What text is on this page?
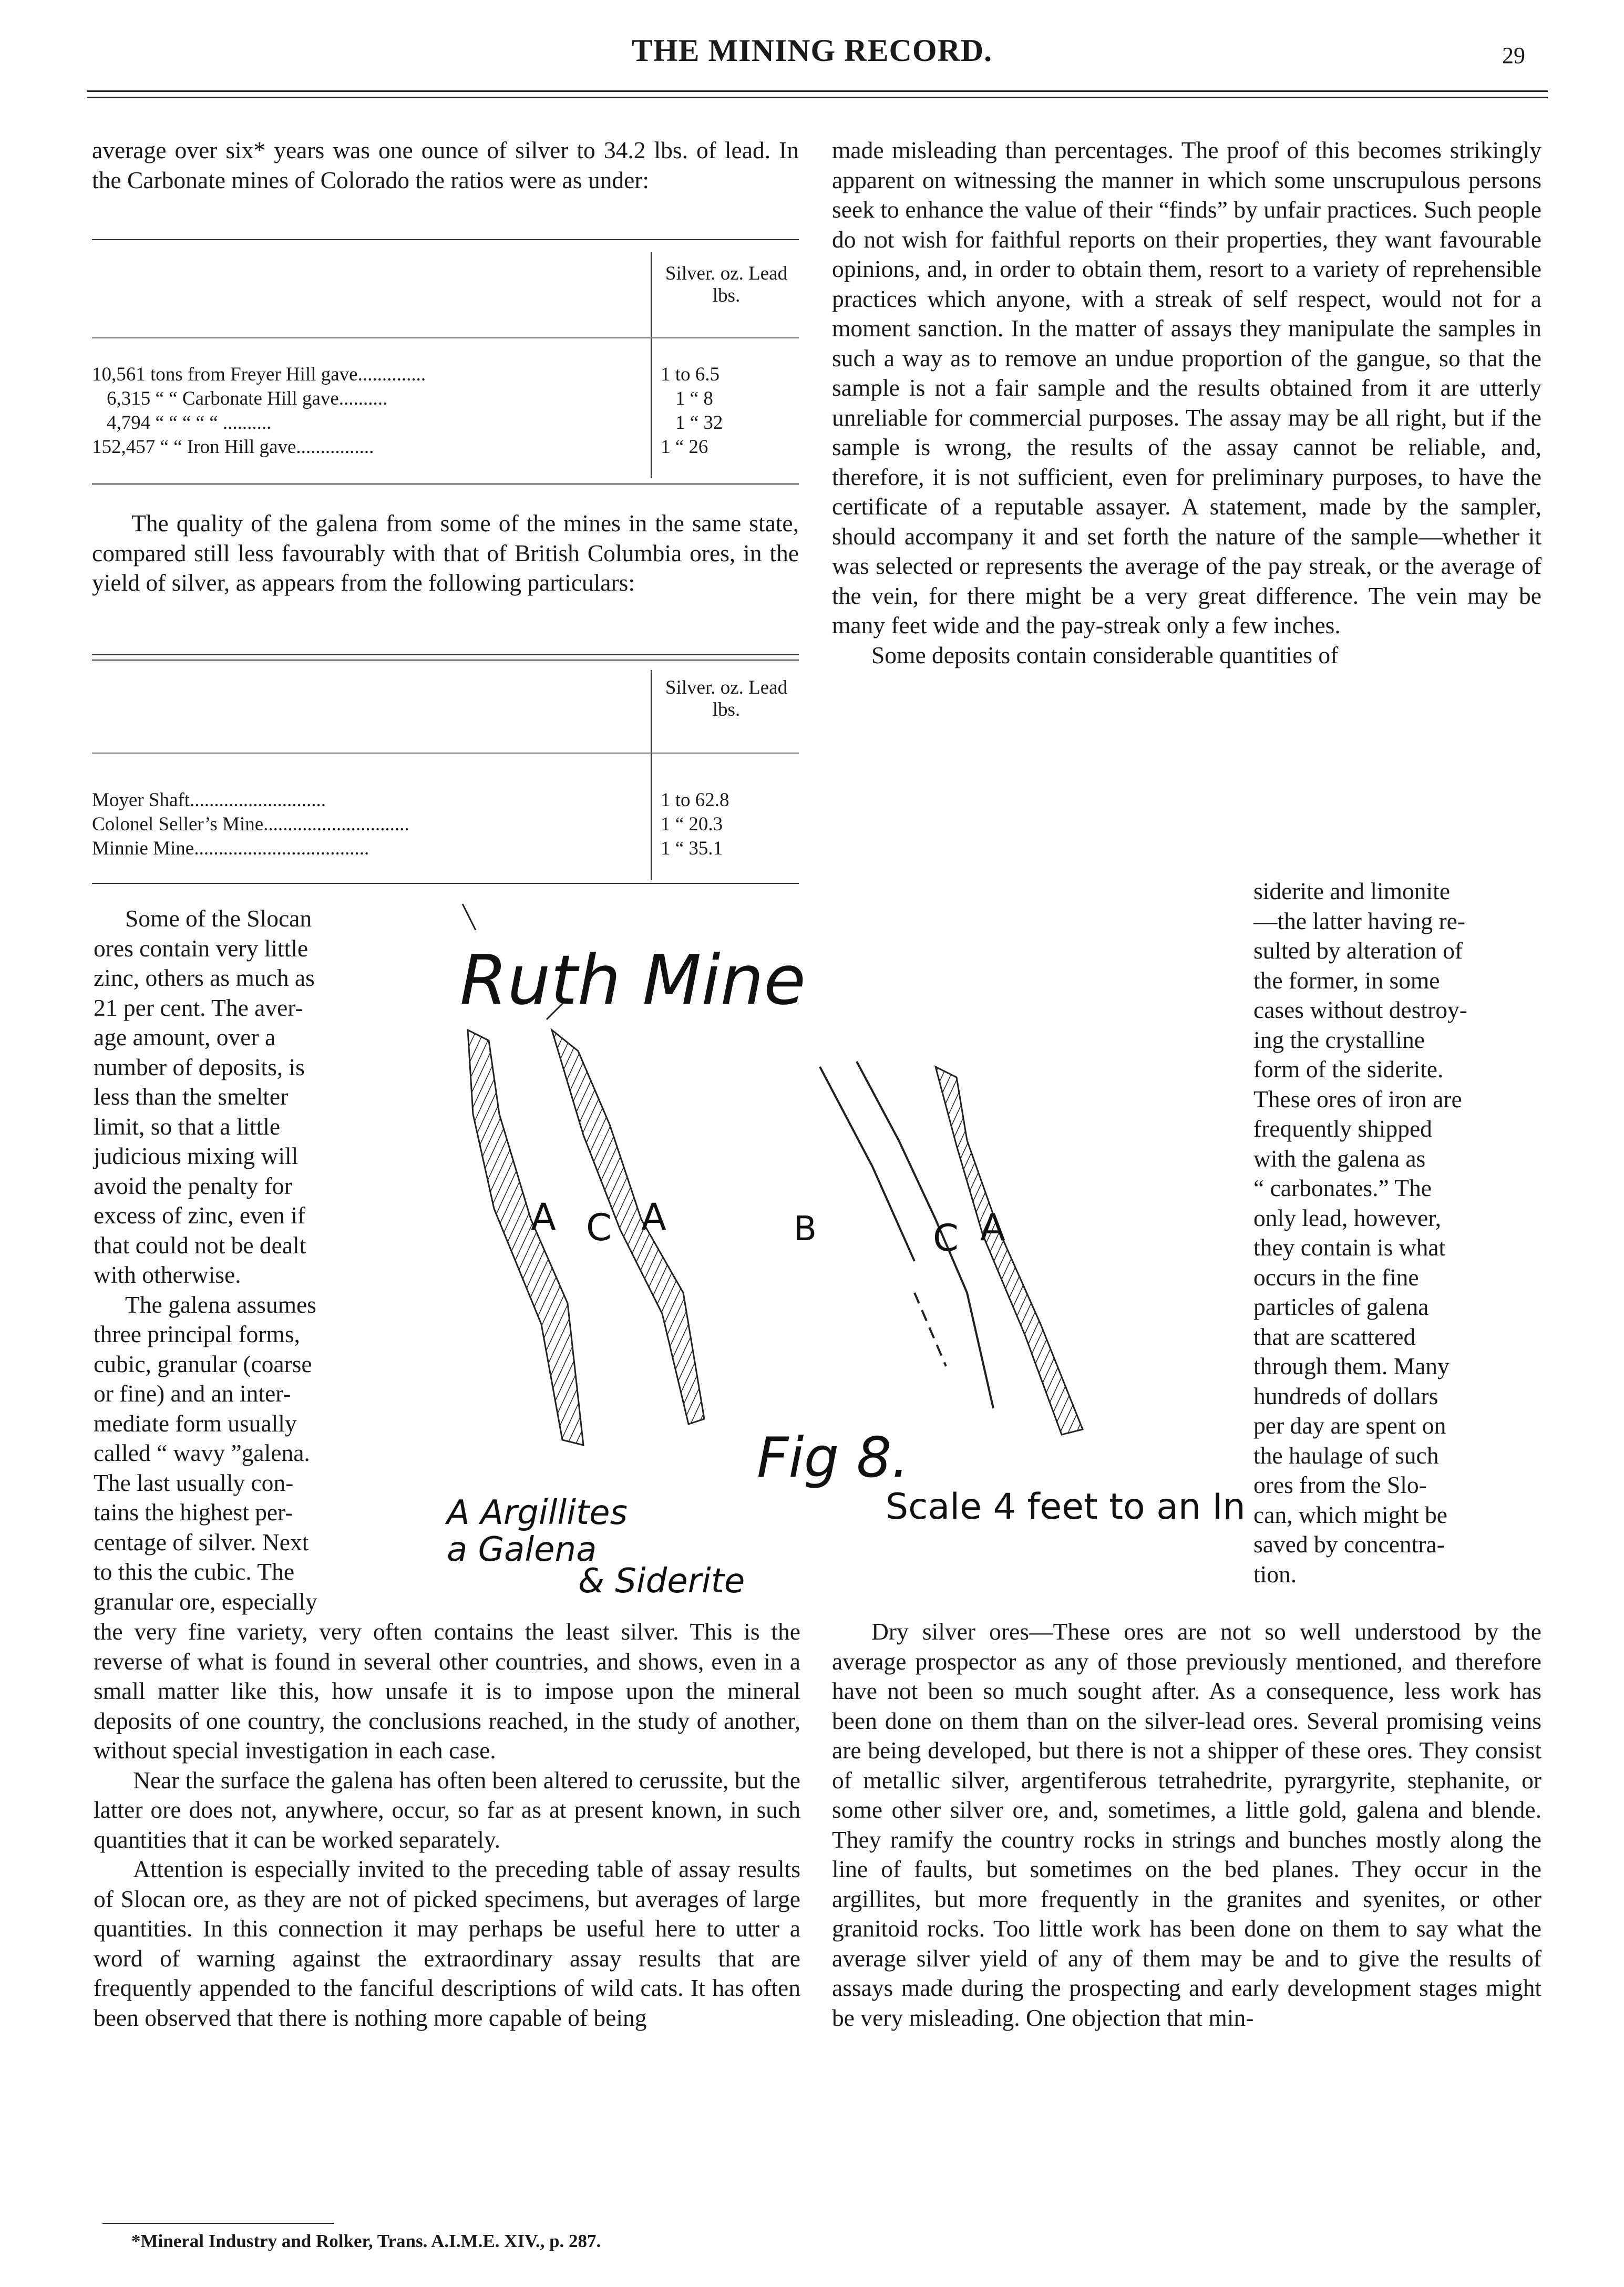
THE MINING RECORD.	29

average over six* years was one ounce of silver to 34.2 lbs. of lead. In the Carbonate mines of Colorado the ratios were as under:

Silver. oz. Lead lbs.
10,561 tons from Freyer Hill gave..............	1 to 6.5
6,315 “ “ Carbonate Hill gave..........	1 “ 8
4,794 “ “ “ “ “ ..........	1 “ 32
152,457 “ “ Iron Hill gave................	1 “ 26

The quality of the galena from some of the mines in the same state, compared still less favourably with that of British Columbia ores, in the yield of silver, as appears from the following particulars:

Silver. oz. Lead lbs.
Moyer Shaft............................	1 to 62.8
Colonel Seller’s Mine..............................	1 “ 20.3
Minnie Mine....................................	1 “ 35.1
Some of the Slocan
ores contain very little
zinc, others as much as
21 per cent. The aver-
age amount, over a
number of deposits, is
less than the smelter
limit, so that a little
judicious mixing will
avoid the penalty for
excess of zinc, even if
that could not be dealt
with otherwise.
The galena assumes
three principal forms,
cubic, granular (coarse
or fine) and an inter-
mediate form usually
called “ wavy ”galena.
The last usually con-
tains the highest per-
centage of silver. Next
to this the cubic. The
granular ore, especially

the very fine variety, very often contains the least silver. This is the reverse of what is found in several other countries, and shows, even in a small matter like this, how unsafe it is to impose upon the mineral deposits of one country, the conclusions reached, in the study of another, without special investigation in each case.

Near the surface the galena has often been altered to cerussite, but the latter ore does not, anywhere, occur, so far as at present known, in such quantities that it can be worked separately.

Attention is especially invited to the preceding table of assay results of Slocan ore, as they are not of picked specimens, but averages of large quantities. In this connection it may perhaps be useful here to utter a word of warning against the extraordinary assay results that are frequently appended to the fanciful descriptions of wild cats. It has often been observed that there is nothing more capable of being

*Mineral Industry and Rolker, Trans. A.I.M.E. XIV., p. 287.

made misleading than percentages. The proof of this becomes strikingly apparent on witnessing the manner in which some unscrupulous persons seek to enhance the value of their “finds” by unfair practices. Such people do not wish for faithful reports on their properties, they want favourable opinions, and, in order to obtain them, resort to a variety of reprehensible practices which anyone, with a streak of self respect, would not for a moment sanction. In the matter of assays they manipulate the samples in such a way as to remove an undue proportion of the gangue, so that the sample is not a fair sample and the results obtained from it are utterly unreliable for commercial purposes. The assay may be all right, but if the sample is wrong, the results of the assay cannot be reliable, and, therefore, it is not sufficient, even for preliminary purposes, to have the certificate of a reputable assayer. A statement, made by the sampler, should accompany it and set forth the nature of the sample—whether it was selected or represents the average of the pay streak, or the average of the vein, for there might be a very great difference. The vein may be many feet wide and the pay-streak only a few inches.

Some deposits contain considerable quantities of

siderite and limonite
—the latter having re-
sulted by alteration of
the former, in some
cases without destroy-
ing the crystalline
form of the siderite.
These ores of iron are
frequently shipped
with the galena as
“ carbonates.” The
only lead, however,
they contain is what
occurs in the fine
particles of galena
that are scattered
through them. Many
hundreds of dollars
per day are spent on
the haulage of such
ores from the Slo-
can, which might be
saved by concentra-
tion.

Dry silver ores—These ores are not so well understood by the average prospector as any of those previously mentioned, and therefore have not been so much sought after. As a consequence, less work has been done on them than on the silver-lead ores. Several promising veins are being developed, but there is not a shipper of these ores. They consist of metallic silver, argentiferous tetrahedrite, pyrargyrite, stephanite, or some other silver ore, and, sometimes, a little gold, galena and blende. They ramify the country rocks in strings and bunches mostly along the line of faults, but sometimes on the bed planes. They occur in the argillites, but more frequently in the granites and syenites, or other granitoid rocks. Too little work has been done on them to say what the average silver yield of any of them may be and to give the results of assays made during the prospecting and early development stages might be very misleading. One objection that min-

Ruth Mine
A C A	B	C A
Fig 8.
Scale 4 feet to an In
A Argillites
a Galena
& Siderite
